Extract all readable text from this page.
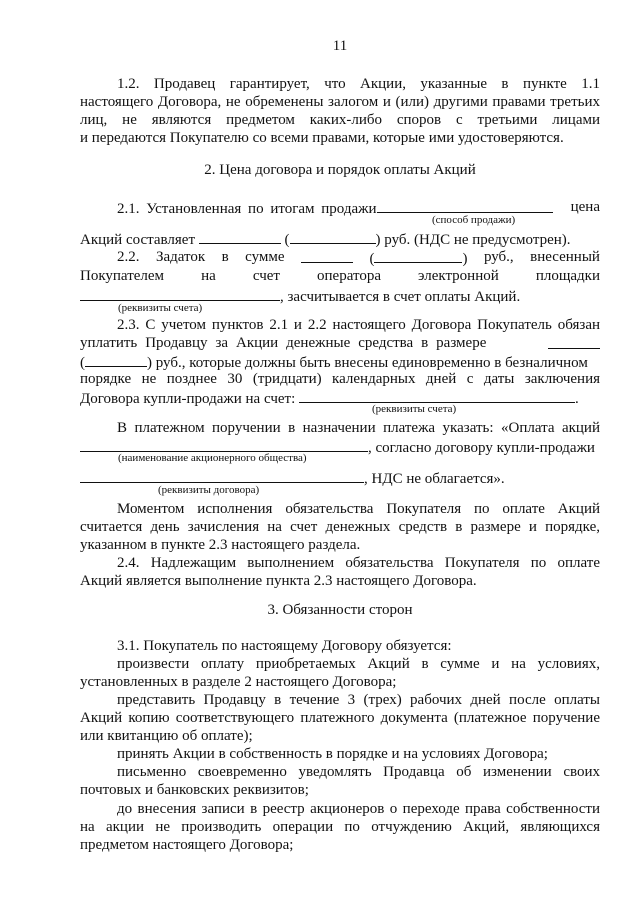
11
1.2. Продавец гарантирует, что Акции, указанные в пункте 1.1
настоящего Договора, не обременены залогом и (или) другими правами третьих
лиц, не являются предметом каких-либо споров с третьими лицами
и передаются Покупателю со всеми правами, которые ими удостоверяются.
2. Цена договора и порядок оплаты Акций
2.1. Установленная по итогам продажи	цена
(способ продажи)
Акций составляет	(	) руб. (НДС не предусмотрен).
2.2. Задаток в сумме	(	) руб., внесенный
Покупателем на счет оператора электронной площадки
, засчитывается в счет оплаты Акций.
(реквизиты счета)
2.3. С учетом пунктов 2.1 и 2.2 настоящего Договора Покупатель обязан
уплатить Продавцу за Акции денежные средства в размере
(	) руб., которые должны быть внесены единовременно в безналичном
порядке не позднее 30 (тридцати) календарных дней с даты заключения
Договора купли-продажи на счет:	.
(реквизиты счета)
В платежном поручении в назначении платежа указать: «Оплата акций
, согласно договору купли-продажи
(наименование акционерного общества)
, НДС не облагается».
(реквизиты договора)
Моментом исполнения обязательства Покупателя по оплате Акций
считается день зачисления на счет денежных средств в размере и порядке,
указанном в пункте 2.3 настоящего раздела.
2.4. Надлежащим выполнением обязательства Покупателя по оплате
Акций является выполнение пункта 2.3 настоящего Договора.
3. Обязанности сторон
3.1. Покупатель по настоящему Договору обязуется:
произвести оплату приобретаемых Акций в сумме и на условиях,
установленных в разделе 2 настоящего Договора;
представить Продавцу в течение 3 (трех) рабочих дней после оплаты
Акций копию соответствующего платежного документа (платежное поручение
или квитанцию об оплате);
принять Акции в собственность в порядке и на условиях Договора;
письменно своевременно уведомлять Продавца об изменении своих
почтовых и банковских реквизитов;
до внесения записи в реестр акционеров о переходе права собственности
на акции не производить операции по отчуждению Акций, являющихся
предметом настоящего Договора;
